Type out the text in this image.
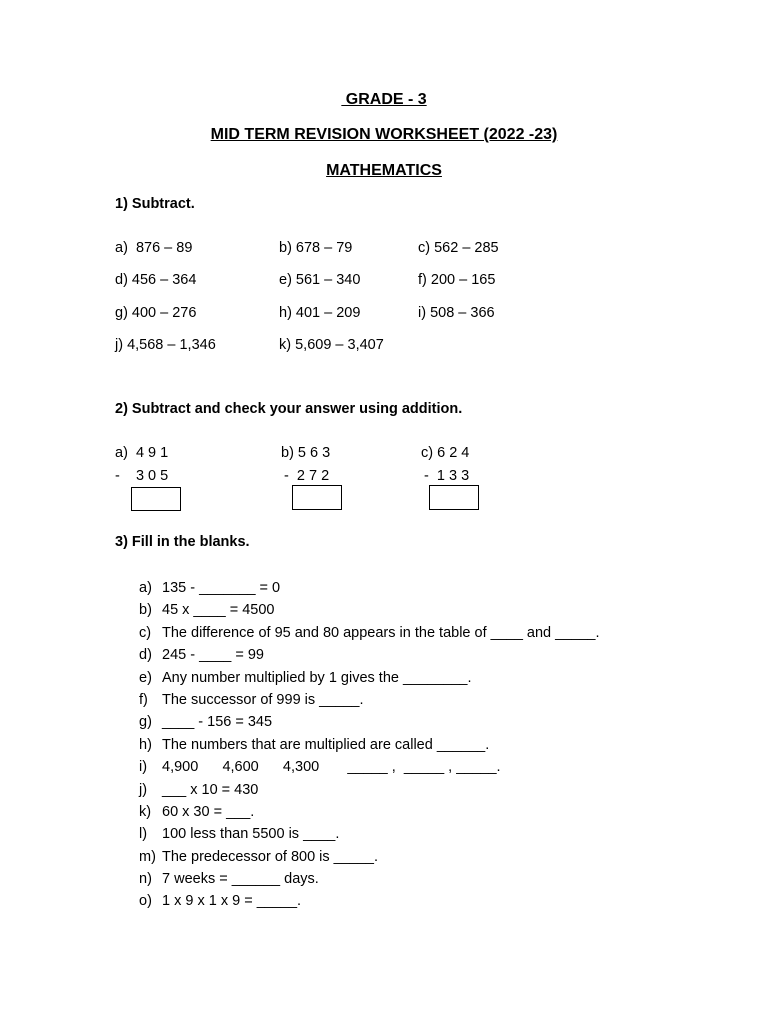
GRADE - 3
MID TERM REVISION WORKSHEET (2022 -23)
MATHEMATICS
1) Subtract.
a)  876 – 89	b) 678 – 79	c) 562 – 285
d) 456 – 364	e) 561 – 340	f) 200 – 165
g) 400 – 276	h) 401 – 209	i) 508 – 366
j) 4,568 – 1,346	k) 5,609 – 3,407
2) Subtract and check your answer using addition.
a)  4 9 1
-    3 0 5
b) 5 6 3
-  2 7 2
c) 6 2 4
-  1 3 3
3) Fill in the blanks.
a) 135 - _______ = 0
b) 45 x ____ = 4500
c) The difference of 95 and 80 appears in the table of ____ and _____.
d) 245 - ____ = 99
e) Any number multiplied by 1 gives the ________.
f) The successor of 999 is _____.
g) ____ - 156 = 345
h) The numbers that are multiplied are called ______.
i)	4,900      4,600      4,300       _____ ,  _____ , _____.
j)	___ x 10 = 430
k) 60 x 30 = ___.
l)	100 less than 5500 is ____.
m) The predecessor of 800 is _____.
n) 7 weeks = ______ days.
o) 1 x 9 x 1 x 9 = _____.
